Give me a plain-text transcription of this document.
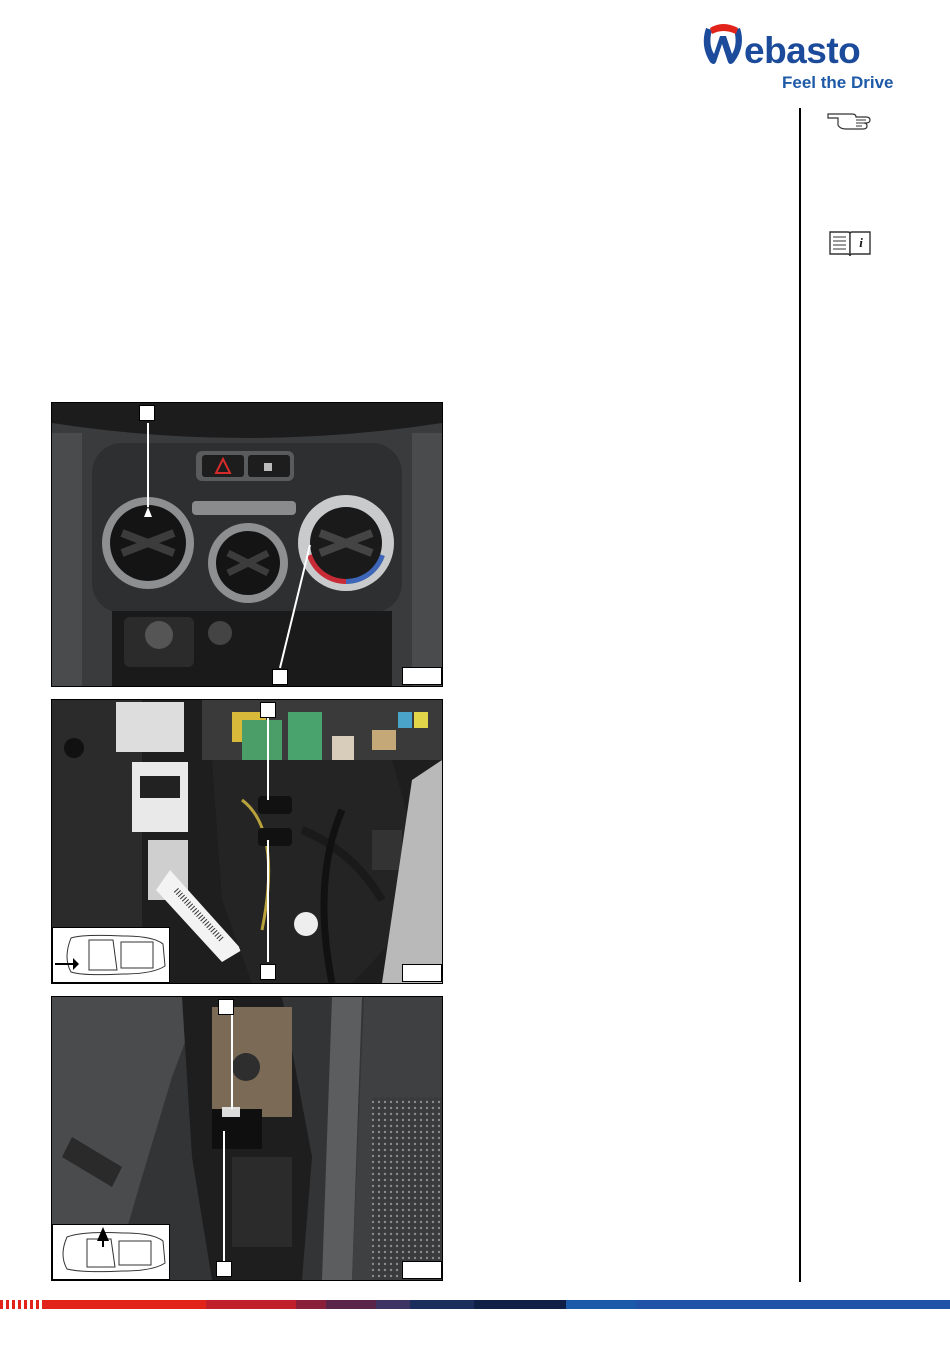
ebasto
Feel the Drive
i
